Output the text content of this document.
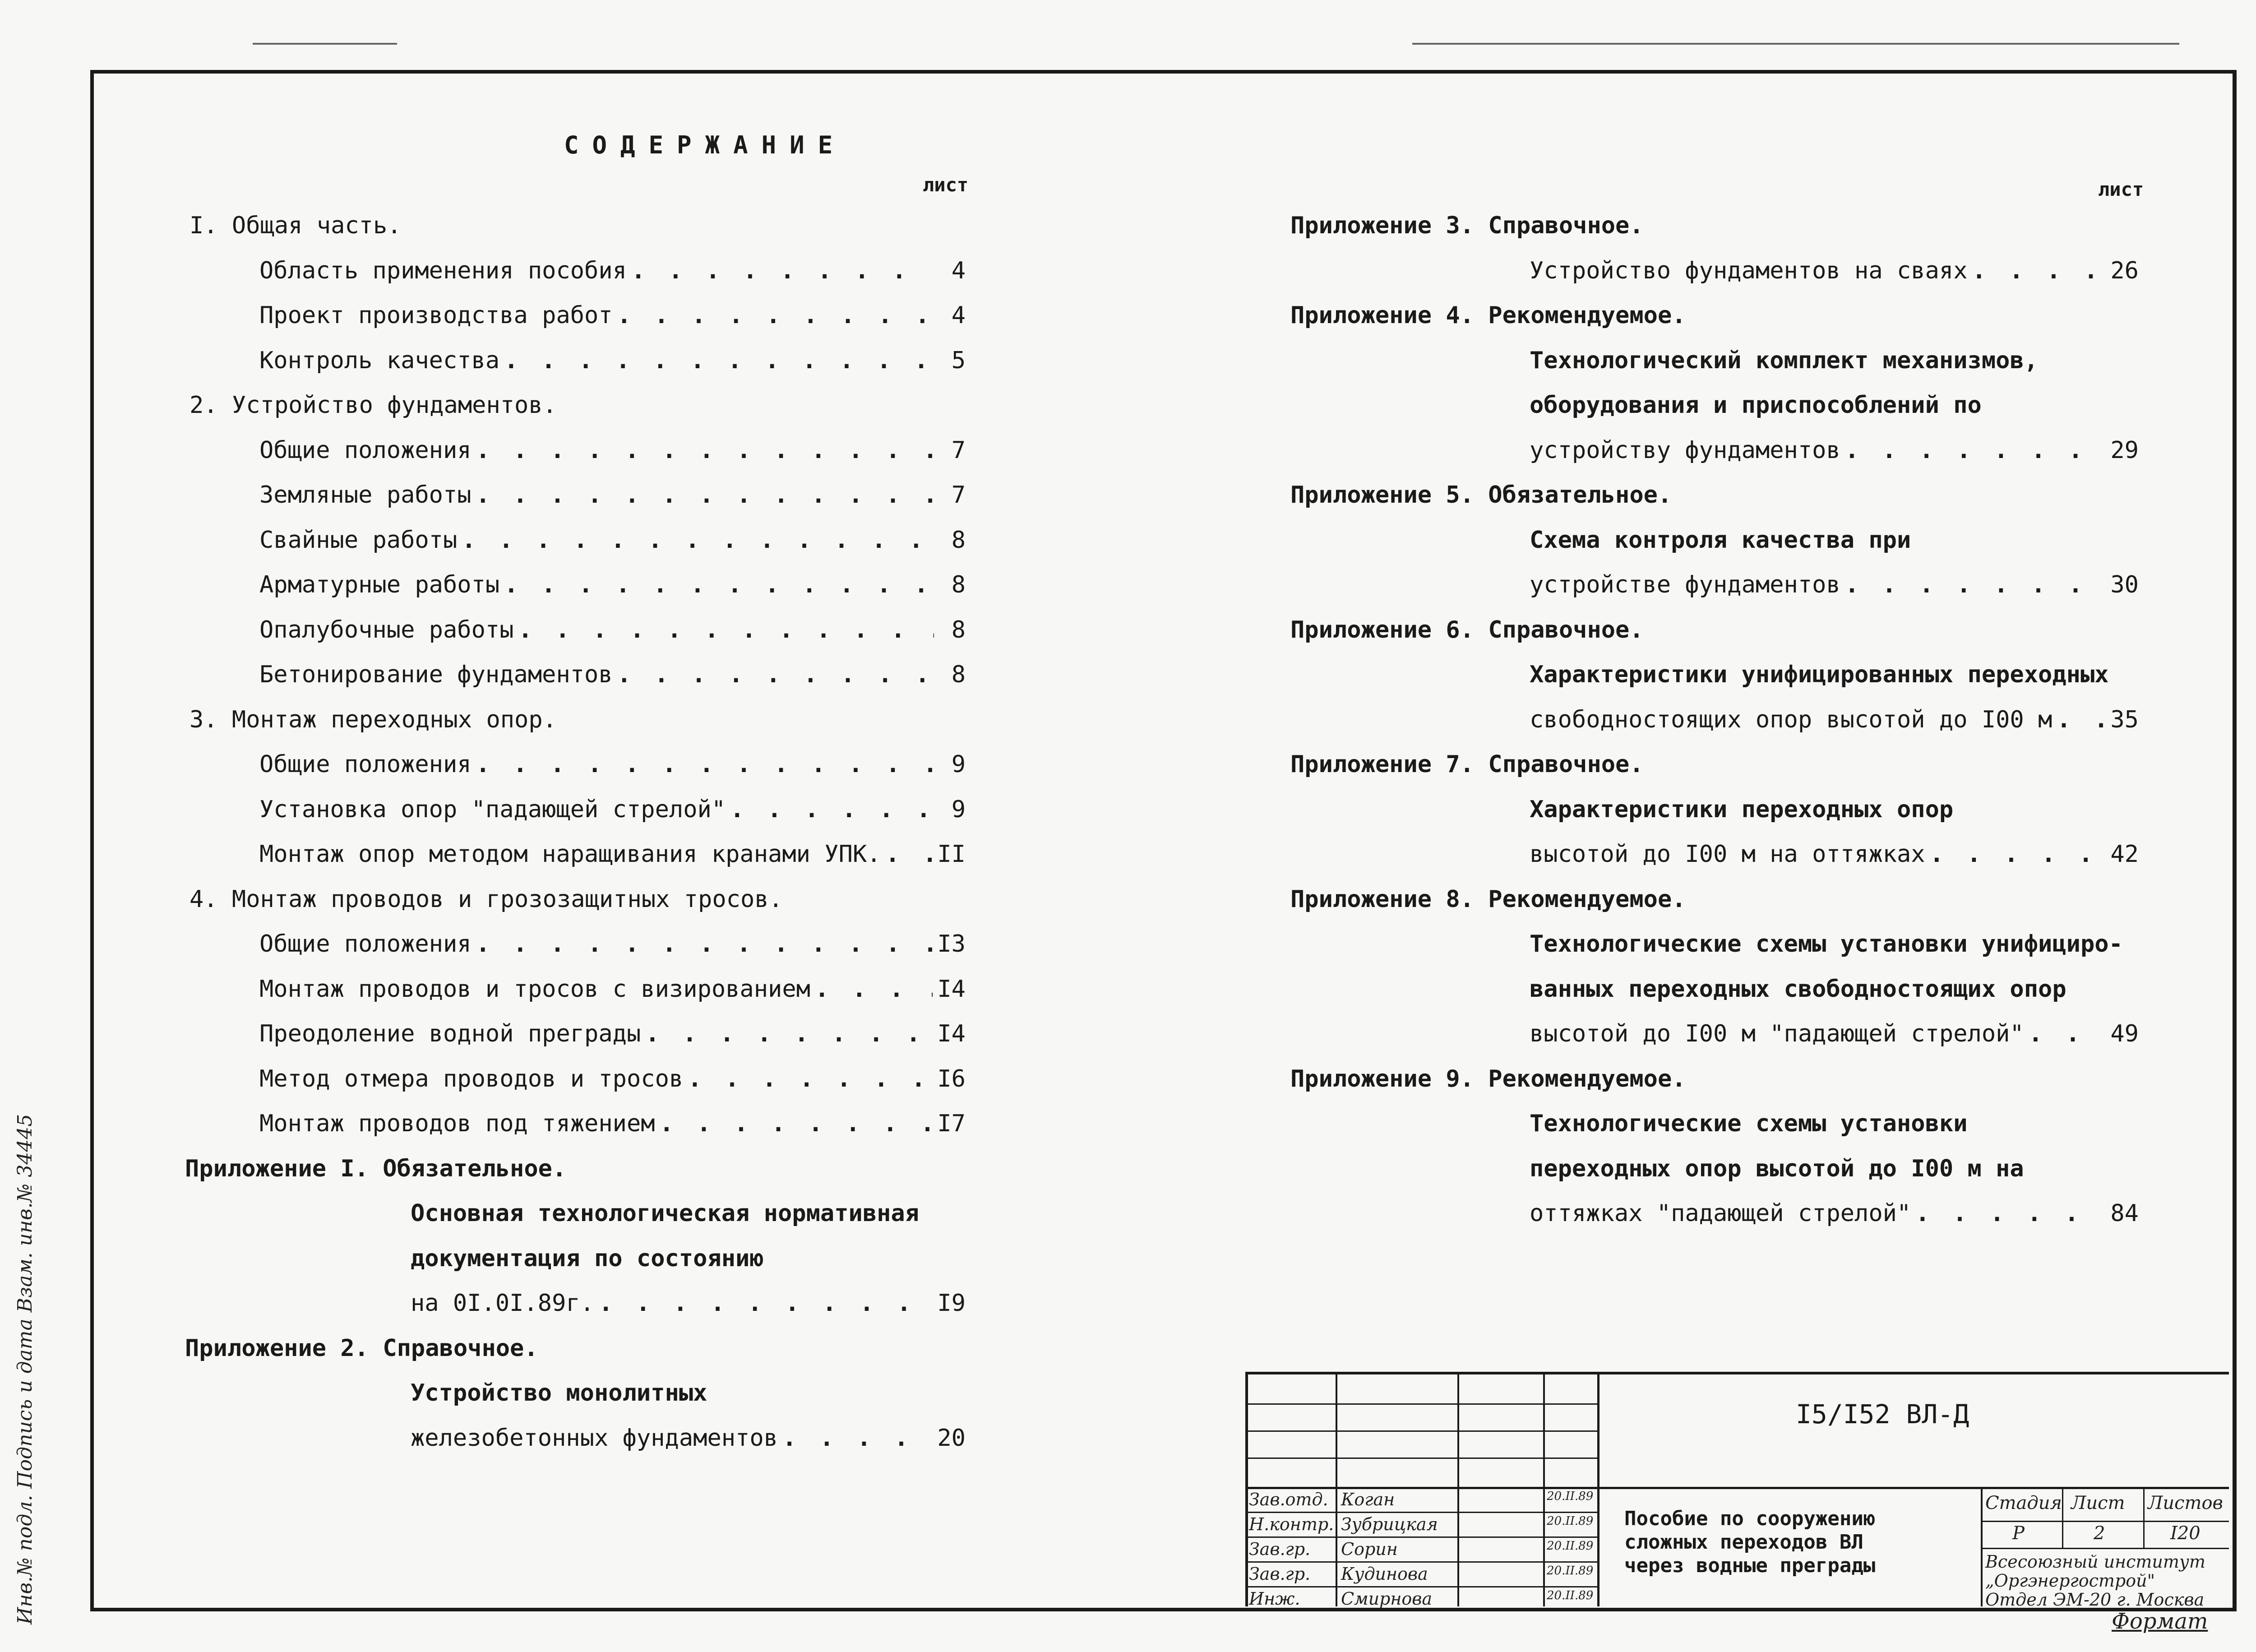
СОДЕРЖАНИЕ
лист	лист
I. Общая часть.
Область применения пособия . . .	4
Проект производства работ . . .	4
Контроль качества . . .	5
2. Устройство фундаментов.
Общие положения . . .	7
Земляные работы . . .	7
Свайные работы . . .	8
Арматурные работы . . .	8
Опалубочные работы . . .	8
Бетонирование фундаментов . . .	8
3. Монтаж переходных опор.
Общие положения . . .	9
Установка опор "падающей стрелой" . . .	9
Монтаж опор методом наращивания кранами УПК. . . . II
4. Монтаж проводов и грозозащитных тросов.
Общие положения . . .	I3
Монтаж проводов и тросов с визированием . . .	I4
Преодоление водной преграды . . .	I4
Метод отмера проводов и тросов . . .	I6
Монтаж проводов под тяжением . . .	I7
Приложение I. Обязательное.
Основная технологическая нормативная
документация по состоянию
на 0I.0I.89г. . . .	I9
Приложение 2. Справочное.
Устройство монолитных
железобетонных фундаментов . . .	20
Приложение 3. Справочное.
Устройство фундаментов на сваях . . .	26
Приложение 4. Рекомендуемое.
Технологический комплект механизмов,
оборудования и приспособлений по
устройству фундаментов . . .	29
Приложение 5. Обязательное.
Схема контроля качества при
устройстве фундаментов . . .	30
Приложение 6. Справочное.
Характеристики унифицированных переходных
свободностоящих опор высотой до I00 м . . . 35
Приложение 7. Справочное.
Характеристики переходных опор
высотой до I00 м на оттяжках . . .	42
Приложение 8. Рекомендуемое.
Технологические схемы установки унифициро-
ванных переходных свободностоящих опор
высотой до I00 м "падающей стрелой" . . .	49
Приложение 9. Рекомендуемое.
Технологические схемы установки
переходных опор высотой до I00 м на
оттяжках "падающей стрелой" . . .	84
I5/I52 ВЛ-Д
Пособие по сооружению
сложных переходов ВЛ
через водные преграды
Зав.отд. Коган	20.II.89
Н.контр. Зубрицкая	20.II.89
Зав.гр. Сорин	20.II.89
Зав.гр. Кудинова	20.II.89
Инж. Смирнова	20.II.89
Стадия Лист Листов
Р	2	I20
Всесоюзный институт
„Оргэнергострой"
Отдел ЭМ-20 г. Москва
Формат
Инв.№ подл. Подпись и дата Взам. инв.№ 34445
